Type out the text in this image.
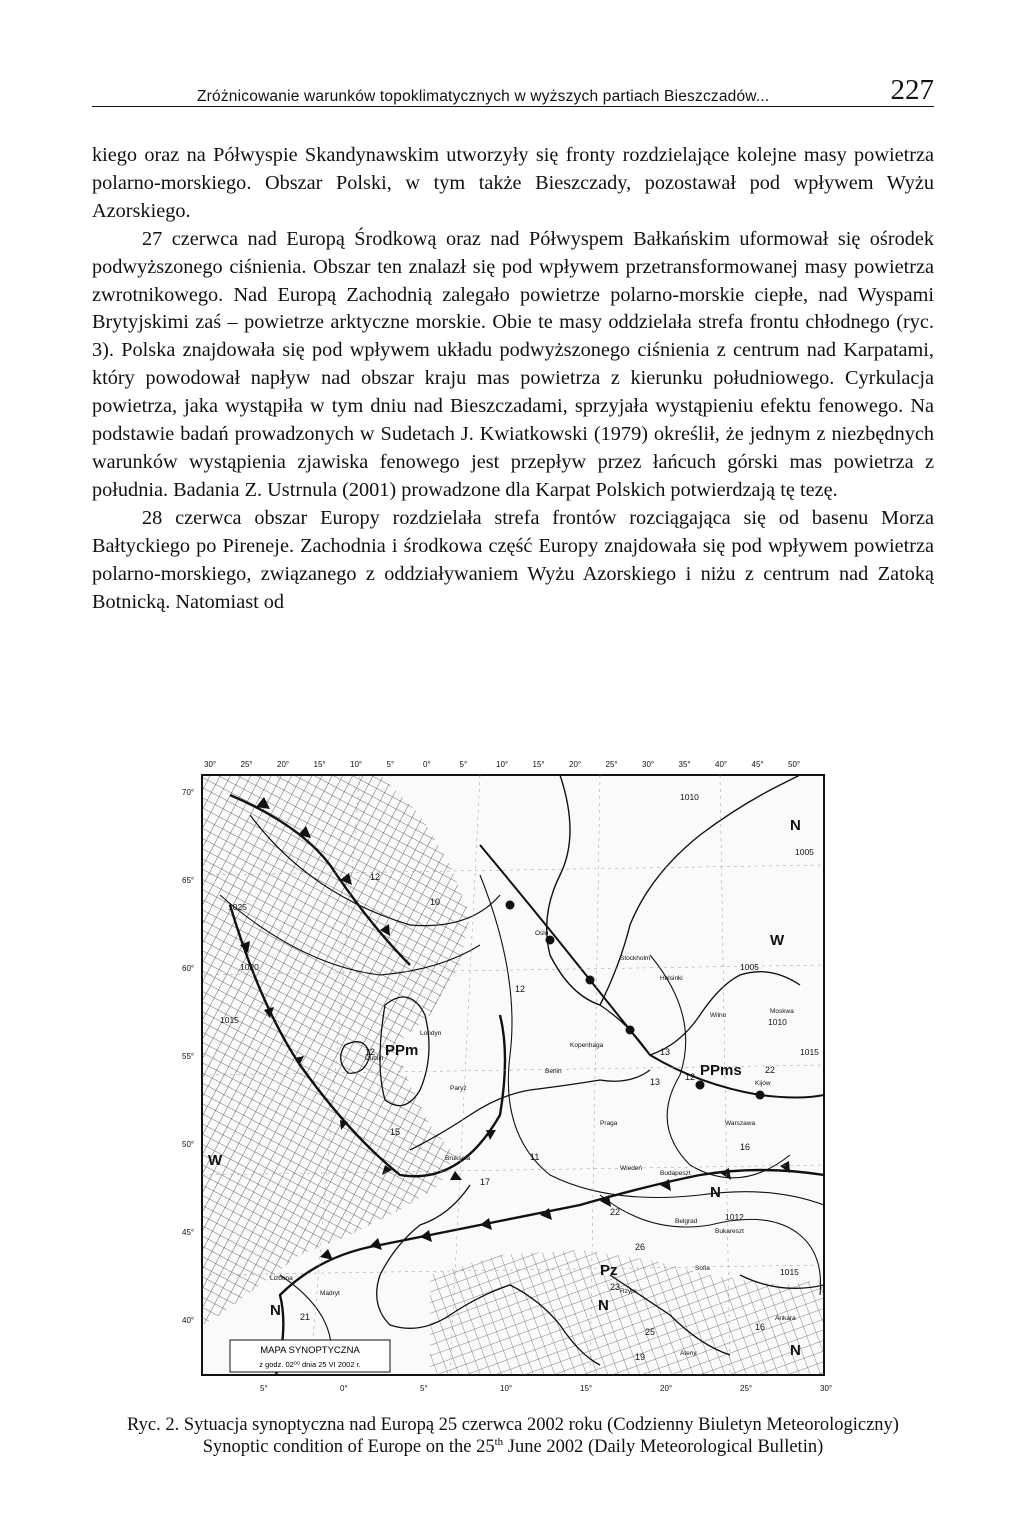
Zróżnicowanie warunków topoklimatycznych w wyższych partiach Bieszczadów...	227

kiego oraz na Półwyspie Skandynawskim utworzyły się fronty rozdzielające kolejne masy powietrza polarno-morskiego. Obszar Polski, w tym także Bieszczady, pozostawał pod wpływem Wyżu Azorskiego.

27 czerwca nad Europą Środkową oraz nad Półwyspem Bałkańskim uformował się ośrodek podwyższonego ciśnienia. Obszar ten znalazł się pod wpływem przetransformowanej masy powietrza zwrotnikowego. Nad Europą Zachodnią zalegało powietrze polarno-morskie ciepłe, nad Wyspami Brytyjskimi zaś – powietrze arktyczne morskie. Obie te masy oddzielała strefa frontu chłodnego (ryc. 3). Polska znajdowała się pod wpływem układu podwyższonego ciśnienia z centrum nad Karpatami, który powodował napływ nad obszar kraju mas powietrza z kierunku południowego. Cyrkulacja powietrza, jaka wystąpiła w tym dniu nad Bieszczadami, sprzyjała wystąpieniu efektu fenowego. Na podstawie badań prowadzonych w Sudetach J. Kwiatkowski (1979) określił, że jednym z niezbędnych warunków wystąpienia zjawiska fenowego jest przepływ przez łańcuch górski mas powietrza z południa. Badania Z. Ustrnula (2001) prowadzone dla Karpat Polskich potwierdzają tę tezę.

28 czerwca obszar Europy rozdzielała strefa frontów rozciągająca się od basenu Morza Bałtyckiego po Pireneje. Zachodnia i środkowa część Europy znajdowała się pod wpływem powietrza polarno-morskiego, związanego z oddziaływaniem Wyżu Azorskiego i niżu z centrum nad Zatoką Botnicką. Natomiast od

MAPA SYNOPTYCZNA
z godz. 02⁰⁰ dnia 25 VI 2002 r.
30°	25°	20°	15°	10°	5°	0°	5°	10°	15°	20°	25°	30°	35°	40°	45°	50°
5°	0°	5°	10°	15°	20°	25°	30°
70°
65°
60°
55°
50°
45°
40°
PPm
PPms
Pz
W
N
N
N
N
N
W
1010
1005
1015
1012
1025
1020
1015
1005
1010
1015
12
12
12	13
13	12
15
17
21
22
23
25
26
10
11
16
16
19
22
Oslo
Stockholm
Helsinki
Kopenhaga
Berlin
Bruksela
Paryż
Praga	Warszawa
Wiedeń
Budapeszt
Belgrad
Bukareszt
Sofia
Rzym
Ateny
Madryt
Lizbona
Dublin
Moskwa
Kijów
Ankara
Wilno
Londyn
Ryc. 2. Sytuacja synoptyczna nad Europą 25 czerwca 2002 roku (Codzienny Biuletyn Meteorologiczny)
Synoptic condition of Europe on the 25th June 2002 (Daily Meteorological Bulletin)
